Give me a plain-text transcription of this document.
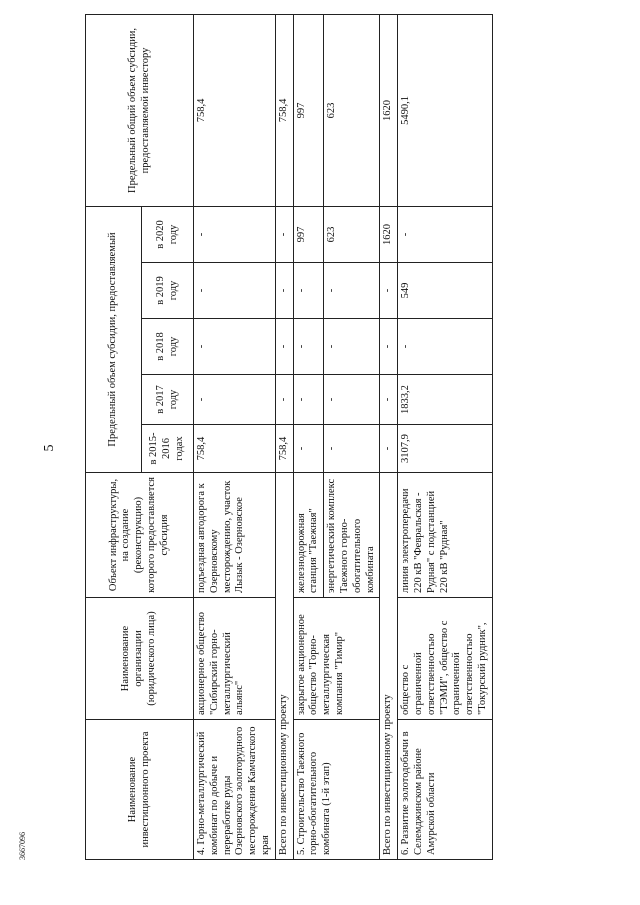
5
3667096
Наименование инвестиционного проекта	Наименование организации (юридического лица)	Объект инфраструктуры, на создание (реконструкцию) которого предоставляется субсидия	Предельный объем субсидии, предоставляемый					Предельный общий объем субсидии, предоставляемой инвестору
			в 2015-2016 годах	в 2017 году	в 2018 году	в 2019 году	в 2020 году	
4. Горно-металлургический комбинат по добыче и переработке руды Озерновского золоторудного месторождения Камчатского края	акционерное общество "Сибирский горно-металлургический альянс"	подъездная автодорога к Озерновскому месторождению, участок Лызык - Озерновское	758,4	-	-	-	-	758,4
Всего по инвестиционному проекту			758,4	-	-	-	-	758,4
5. Строительство Таежного горно-обогатительного комбината (1-й этап)	закрытое акционерное общество "Горно-металлургическая компания "Тимир"	железнодорожная станция "Таежная"	-	-	-	-	997	997
		энергетический комплекс Таежного горно-обогатительного комбината	-	-	-	-	623	623
Всего по инвестиционному проекту			-	-	-	-	1620	1620
6. Развитие золотодобычи в Селемджинском районе Амурской области	общество с ограниченной ответственностью "ТЭМИ", общество с ограниченной ответственностью "Токурский рудник",	линия электропередачи 220 кВ "Февральская - Рудная" с подстанцией 220 кВ "Рудная"	3107,9	1833,2	-	549	-	5490,1
